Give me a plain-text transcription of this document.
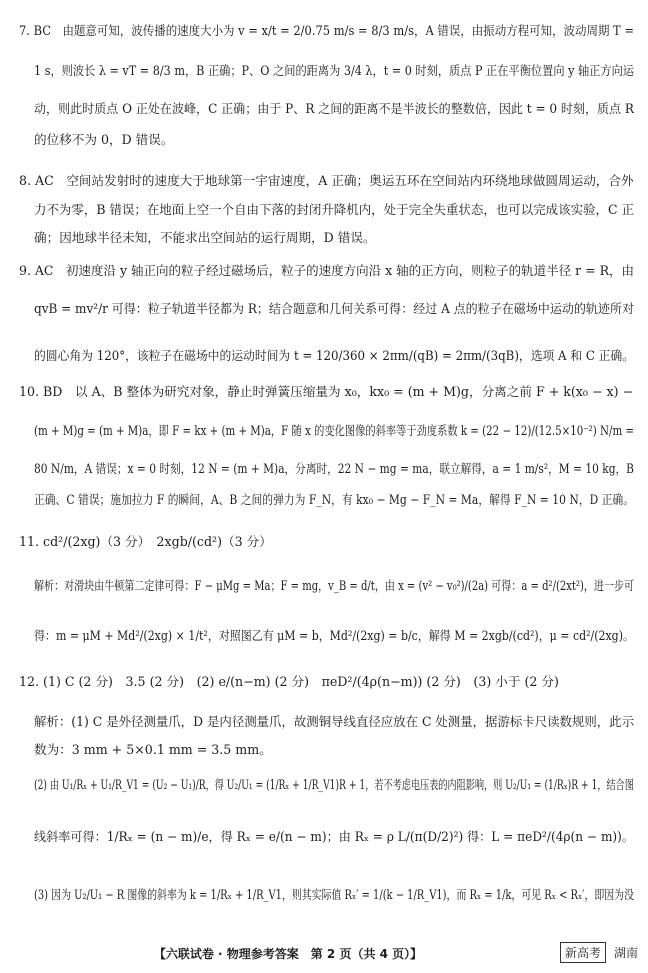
7. BC　由题意可知，波传播的速度大小为 v = x/t = 2/0.75 m/s = 8/3 m/s，A 错误，由振动方程可知，波动周期 T =
1 s，则波长 λ = vT = 8/3 m，B 正确；P、O 之间的距离为 3/4 λ，t = 0 时刻，质点 P 正在平衡位置向 y 轴正方向运
动，则此时质点 O 正处在波峰，C 正确；由于 P、R 之间的距离不是半波长的整数倍，因此 t = 0 时刻，质点 R
的位移不为 0，D 错误。
8. AC　空间站发射时的速度大于地球第一宇宙速度，A 正确；奥运五环在空间站内环绕地球做圆周运动，合外
力不为零，B 错误；在地面上空一个自由下落的封闭升降机内，处于完全失重状态，也可以完成该实验，C 正
确；因地球半径未知，不能求出空间站的运行周期，D 错误。
9. AC　初速度沿 y 轴正向的粒子经过磁场后，粒子的速度方向沿 x 轴的正方向，则粒子的轨道半径 r = R，由
qvB = mv²/r 可得：粒子轨道半径都为 R；结合题意和几何关系可得：经过 A 点的粒子在磁场中运动的轨迹所对
的圆心角为 120°，该粒子在磁场中的运动时间为 t = 120/360 × 2πm/(qB) = 2πm/(3qB)，选项 A 和 C 正确。
10. BD　以 A、B 整体为研究对象，静止时弹簧压缩量为 x₀，kx₀ = (m + M)g，分离之前 F + k(x₀ − x) −
(m + M)g = (m + M)a，即 F = kx + (m + M)a，F 随 x 的变化图像的斜率等于劲度系数 k = (22 − 12)/(12.5×10⁻²) N/m =
80 N/m，A 错误；x = 0 时刻，12 N = (m + M)a，分离时，22 N − mg = ma，联立解得，a = 1 m/s²，M = 10 kg，B
正确、C 错误；施加拉力 F 的瞬间，A、B 之间的弹力为 F_N，有 kx₀ − Mg − F_N = Ma，解得 F_N = 10 N，D 正确。
11. cd²/(2xg)（3 分）　2xgb/(cd²)（3 分）
解析：对滑块由牛顿第二定律可得：F − μMg = Ma；F = mg，v_B = d/t，由 x = (v² − v₀²)/(2a) 可得：a = d²/(2xt²)，进一步可
得：m = μM + Md²/(2xg) × 1/t²，对照图乙有 μM = b，Md²/(2xg) = b/c，解得 M = 2xgb/(cd²)，μ = cd²/(2xg)。
12. (1) C (2 分)　3.5 (2 分)　(2) e/(n−m) (2 分)　πeD²/(4ρ(n−m)) (2 分)　(3) 小于 (2 分)
解析：(1) C 是外径测量爪，D 是内径测量爪，故测铜导线直径应放在 C 处测量，据游标卡尺读数规则，此示
数为：3 mm + 5×0.1 mm = 3.5 mm。
(2) 由 U₁/Rₓ + U₁/R_V1 = (U₂ − U₁)/R，得 U₂/U₁ = (1/Rₓ + 1/R_V1)R + 1，若不考虑电压表的内阻影响，则 U₂/U₁ = (1/Rₓ)R + 1，结合图
线斜率可得：1/Rₓ = (n − m)/e，得 Rₓ = e/(n − m)；由 Rₓ = ρ L/(π(D/2)²) 得：L = πeD²/(4ρ(n − m))。
(3) 因为 U₂/U₁ − R 图像的斜率为 k = 1/Rₓ + 1/R_V1，则其实际值 Rₓ′ = 1/(k − 1/R_V1)，而 Rₓ = 1/k，可见 Rₓ < Rₓ′，即因为没
【六联试卷 · 物理参考答案　第 2 页（共 4 页）】	新高考	湖南
